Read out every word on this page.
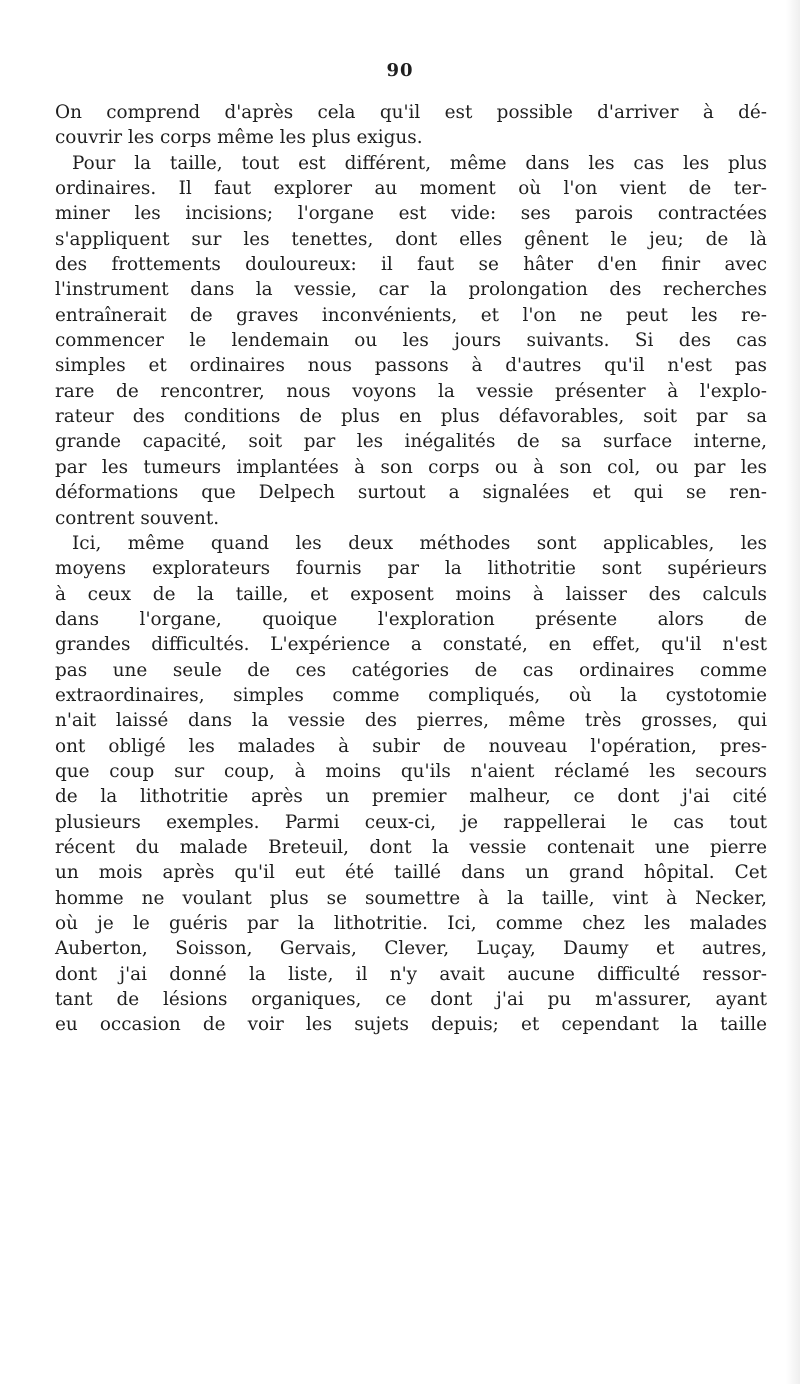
90
On comprend d'après cela qu'il est possible d'arriver à dé-
couvrir les corps même les plus exigus.
Pour la taille, tout est différent, même dans les cas les plus
ordinaires. Il faut explorer au moment où l'on vient de ter-
miner les incisions; l'organe est vide: ses parois contractées
s'appliquent sur les tenettes, dont elles gênent le jeu; de là
des frottements douloureux: il faut se hâter d'en finir avec
l'instrument dans la vessie, car la prolongation des recherches
entraînerait de graves inconvénients, et l'on ne peut les re-
commencer le lendemain ou les jours suivants. Si des cas
simples et ordinaires nous passons à d'autres qu'il n'est pas
rare de rencontrer, nous voyons la vessie présenter à l'explo-
rateur des conditions de plus en plus défavorables, soit par sa
grande capacité, soit par les inégalités de sa surface interne,
par les tumeurs implantées à son corps ou à son col, ou par les
déformations que Delpech surtout a signalées et qui se ren-
contrent souvent.
Ici, même quand les deux méthodes sont applicables, les
moyens explorateurs fournis par la lithotritie sont supérieurs
à ceux de la taille, et exposent moins à laisser des calculs
dans l'organe, quoique l'exploration présente alors de
grandes difficultés. L'expérience a constaté, en effet, qu'il n'est
pas une seule de ces catégories de cas ordinaires comme
extraordinaires, simples comme compliqués, où la cystotomie
n'ait laissé dans la vessie des pierres, même très grosses, qui
ont obligé les malades à subir de nouveau l'opération, pres-
que coup sur coup, à moins qu'ils n'aient réclamé les secours
de la lithotritie après un premier malheur, ce dont j'ai cité
plusieurs exemples. Parmi ceux-ci, je rappellerai le cas tout
récent du malade Breteuil, dont la vessie contenait une pierre
un mois après qu'il eut été taillé dans un grand hôpital. Cet
homme ne voulant plus se soumettre à la taille, vint à Necker,
où je le guéris par la lithotritie. Ici, comme chez les malades
Auberton, Soisson, Gervais, Clever, Luçay, Daumy et autres,
dont j'ai donné la liste, il n'y avait aucune difficulté ressor-
tant de lésions organiques, ce dont j'ai pu m'assurer, ayant
eu occasion de voir les sujets depuis; et cependant la taille
